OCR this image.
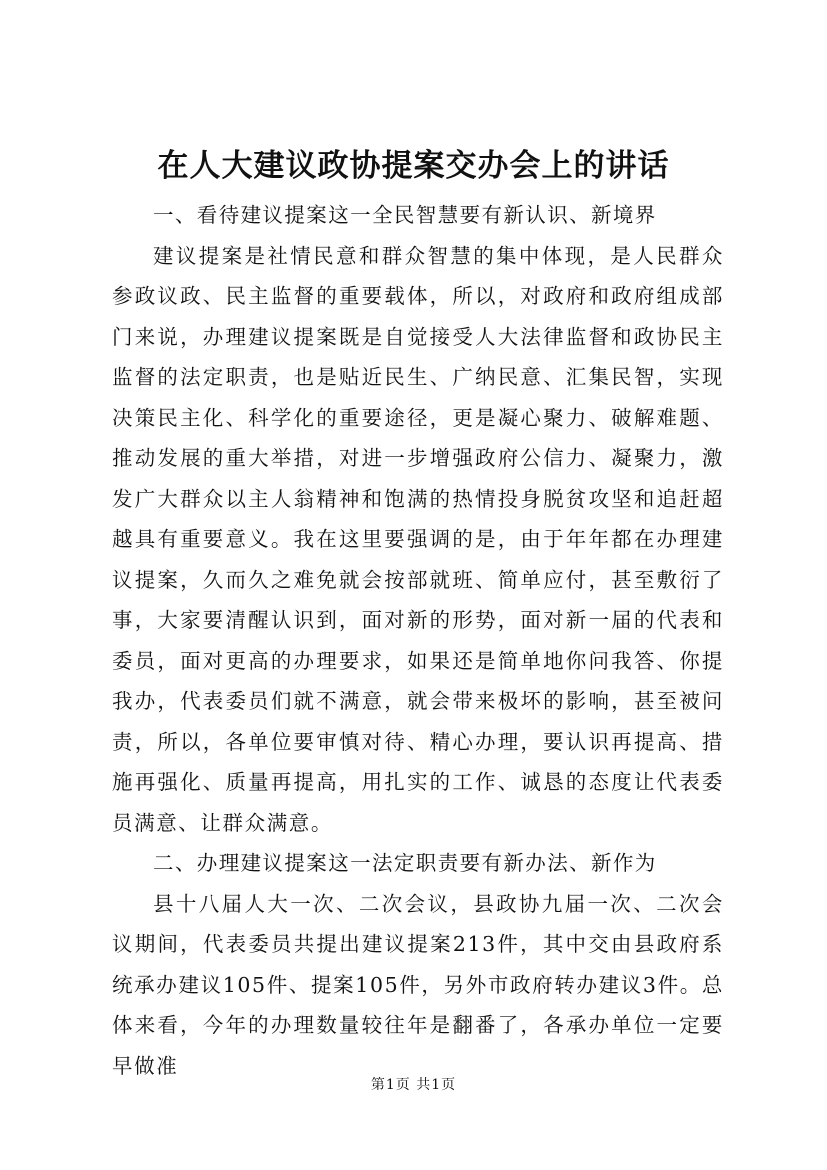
在人大建议政协提案交办会上的讲话

一、看待建议提案这一全民智慧要有新认识、新境界

建议提案是社情民意和群众智慧的集中体现，是人民群众参政议政、民主监督的重要载体，所以，对政府和政府组成部门来说，办理建议提案既是自觉接受人大法律监督和政协民主监督的法定职责，也是贴近民生、广纳民意、汇集民智，实现决策民主化、科学化的重要途径，更是凝心聚力、破解难题、推动发展的重大举措，对进一步增强政府公信力、凝聚力，激发广大群众以主人翁精神和饱满的热情投身脱贫攻坚和追赶超越具有重要意义。我在这里要强调的是，由于年年都在办理建议提案，久而久之难免就会按部就班、简单应付，甚至敷衍了事，大家要清醒认识到，面对新的形势，面对新一届的代表和委员，面对更高的办理要求，如果还是简单地你问我答、你提我办，代表委员们就不满意，就会带来极坏的影响，甚至被问责，所以，各单位要审慎对待、精心办理，要认识再提高、措施再强化、质量再提高，用扎实的工作、诚恳的态度让代表委员满意、让群众满意。

二、办理建议提案这一法定职责要有新办法、新作为

县十八届人大一次、二次会议，县政协九届一次、二次会议期间，代表委员共提出建议提案213件，其中交由县政府系统承办建议105件、提案105件，另外市政府转办建议3件。总体来看，今年的办理数量较往年是翻番了，各承办单位一定要早做准

第1页 共1页
